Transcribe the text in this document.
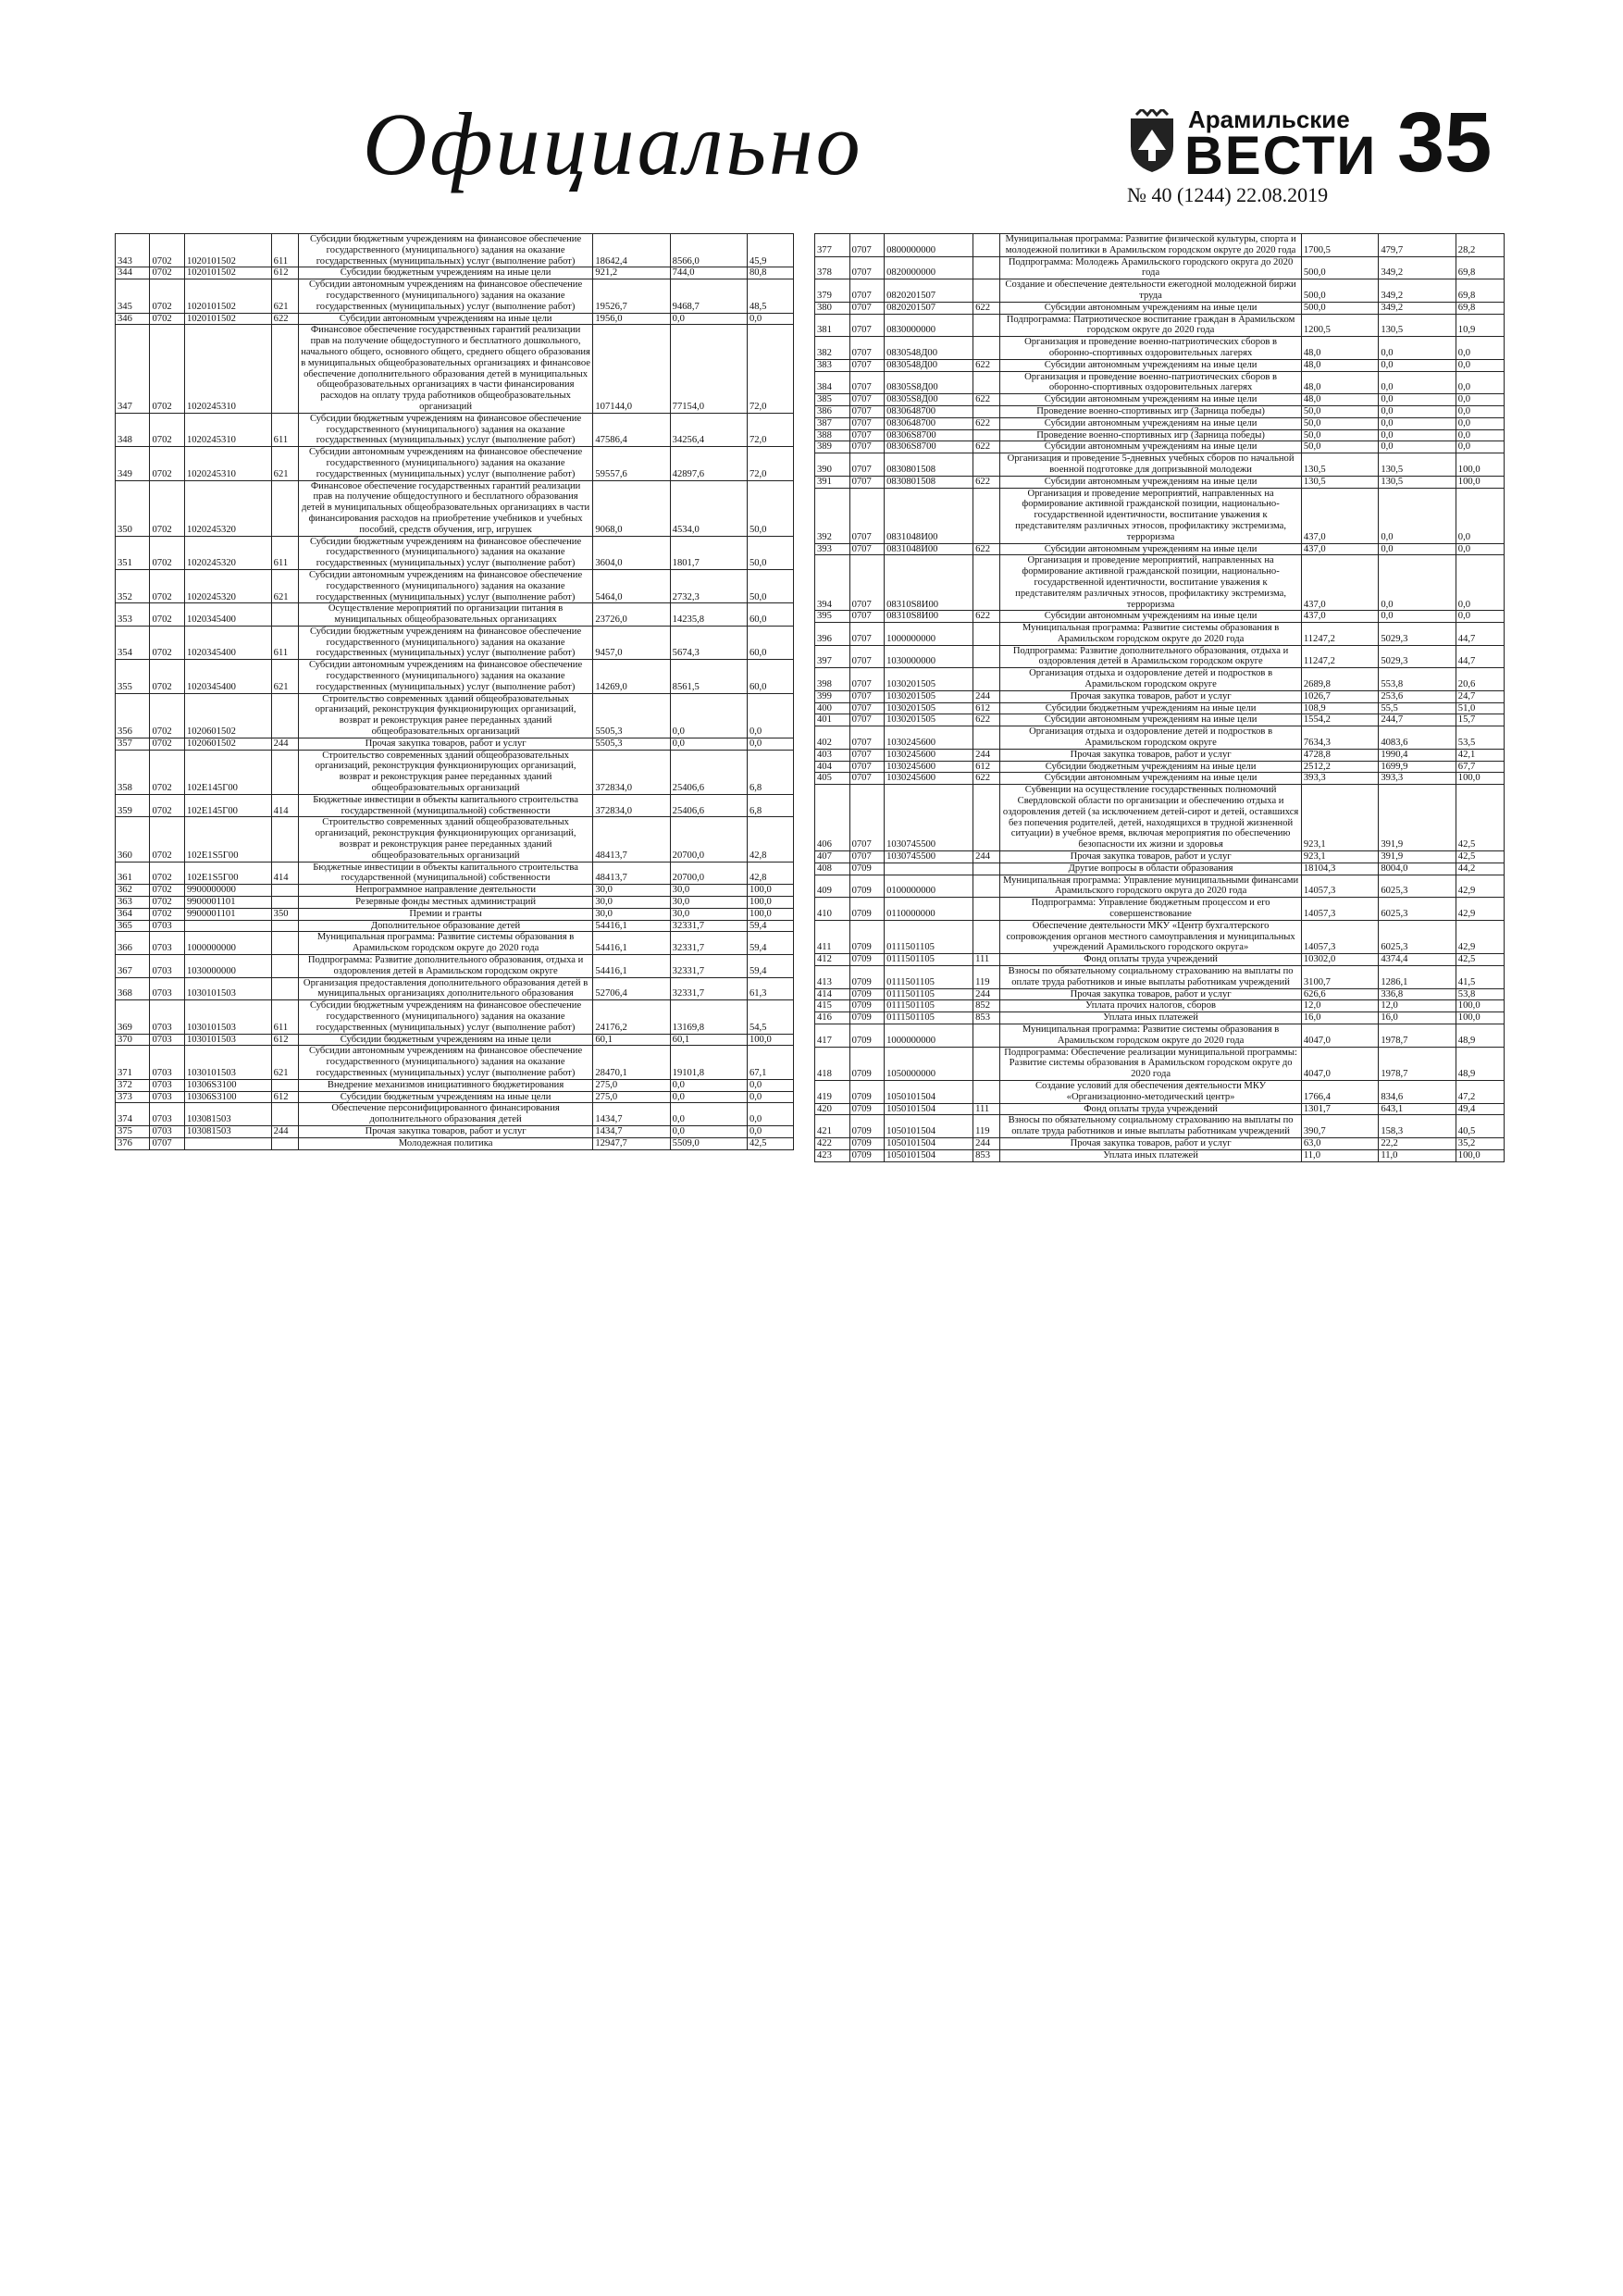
Официально	Арамильские
ВЕСТИ
№ 40 (1244) 22.08.2019
35
343	0702	1020101502	611	Субсидии бюджетным учреждениям на финансовое обеспечение государственного (муниципального) задания на оказание государственных (муниципальных) услуг (выполнение работ)	18642,4	8566,0	45,9
344	0702	1020101502	612	Субсидии бюджетным учреждениям на иные цели	921,2	744,0	80,8
345	0702	1020101502	621	Субсидии автономным учреждениям на финансовое обеспечение государственного (муниципального) задания на оказание государственных (муниципальных) услуг (выполнение работ)	19526,7	9468,7	48,5
346	0702	1020101502	622	Субсидии автономным учреждениям на иные цели	1956,0	0,0	0,0
347	0702	1020245310		Финансовое обеспечение государственных гарантий реализации прав на получение общедоступного и бесплатного дошкольного, начального общего, основного общего, среднего общего образования в муниципальных общеобразовательных организациях и финансовое обеспечение дополнительного образования детей в муниципальных общеобразовательных организациях в части финансирования расходов на оплату труда работников общеобразовательных организаций	107144,0	77154,0	72,0
348	0702	1020245310	611	Субсидии бюджетным учреждениям на финансовое обеспечение государственного (муниципального) задания на оказание государственных (муниципальных) услуг (выполнение работ)	47586,4	34256,4	72,0
349	0702	1020245310	621	Субсидии автономным учреждениям на финансовое обеспечение государственного (муниципального) задания на оказание государственных (муниципальных) услуг (выполнение работ)	59557,6	42897,6	72,0
350	0702	1020245320		Финансовое обеспечение государственных гарантий реализации прав на получение общедоступного и бесплатного образования детей в муниципальных общеобразовательных организациях в части финансирования расходов на приобретение учебников и учебных пособий, средств обучения, игр, игрушек	9068,0	4534,0	50,0
351	0702	1020245320	611	Субсидии бюджетным учреждениям на финансовое обеспечение государственного (муниципального) задания на оказание государственных (муниципальных) услуг (выполнение работ)	3604,0	1801,7	50,0
352	0702	1020245320	621	Субсидии автономным учреждениям на финансовое обеспечение государственного (муниципального) задания на оказание государственных (муниципальных) услуг (выполнение работ)	5464,0	2732,3	50,0
353	0702	1020345400		Осуществление мероприятий по организации питания в муниципальных общеобразовательных организациях	23726,0	14235,8	60,0
354	0702	1020345400	611	Субсидии бюджетным учреждениям на финансовое обеспечение государственного (муниципального) задания на оказание государственных (муниципальных) услуг (выполнение работ)	9457,0	5674,3	60,0
355	0702	1020345400	621	Субсидии автономным учреждениям на финансовое обеспечение государственного (муниципального) задания на оказание государственных (муниципальных) услуг (выполнение работ)	14269,0	8561,5	60,0
356	0702	1020601502		Строительство современных зданий общеобразовательных организаций, реконструкция функционирующих организаций, возврат и реконструкция ранее переданных зданий общеобразовательных организаций	5505,3	0,0	0,0
357	0702	1020601502	244	Прочая закупка товаров, работ и услуг	5505,3	0,0	0,0
358	0702	102E145Г00		Строительство современных зданий общеобразовательных организаций, реконструкция функционирующих организаций, возврат и реконструкция ранее переданных зданий общеобразовательных организаций	372834,0	25406,6	6,8
359	0702	102E145Г00	414	Бюджетные инвестиции в объекты капитального строительства государственной (муниципальной) собственности	372834,0	25406,6	6,8
360	0702	102E1S5Г00		Строительство современных зданий общеобразовательных организаций, реконструкция функционирующих организаций, возврат и реконструкция ранее переданных зданий общеобразовательных организаций	48413,7	20700,0	42,8
361	0702	102E1S5Г00	414	Бюджетные инвестиции в объекты капитального строительства государственной (муниципальной) собственности	48413,7	20700,0	42,8
362	0702	9900000000		Непрограммное направление деятельности	30,0	30,0	100,0
363	0702	9900001101		Резервные фонды местных администраций	30,0	30,0	100,0
364	0702	9900001101	350	Премии и гранты	30,0	30,0	100,0
365	0703			Дополнительное образование детей	54416,1	32331,7	59,4
366	0703	1000000000		Муниципальная программа: Развитие системы образования в Арамильском городском округе до 2020 года	54416,1	32331,7	59,4
367	0703	1030000000		Подпрограмма: Развитие дополнительного образования, отдыха и оздоровления детей в Арамильском городском округе	54416,1	32331,7	59,4
368	0703	1030101503		Организация предоставления дополнительного образования детей в муниципальных организациях дополнительного образования	52706,4	32331,7	61,3
369	0703	1030101503	611	Субсидии бюджетным учреждениям на финансовое обеспечение государственного (муниципального) задания на оказание государственных (муниципальных) услуг (выполнение работ)	24176,2	13169,8	54,5
370	0703	1030101503	612	Субсидии бюджетным учреждениям на иные цели	60,1	60,1	100,0
371	0703	1030101503	621	Субсидии автономным учреждениям на финансовое обеспечение государственного (муниципального) задания на оказание государственных (муниципальных) услуг (выполнение работ)	28470,1	19101,8	67,1
372	0703	10306S3100		Внедрение механизмов инициативного бюджетирования	275,0	0,0	0,0
373	0703	10306S3100	612	Субсидии бюджетным учреждениям на иные цели	275,0	0,0	0,0
374	0703	103081503		Обеспечение персонифицированного финансирования дополнительного образования детей	1434,7	0,0	0,0
375	0703	103081503	244	Прочая закупка товаров, работ и услуг	1434,7	0,0	0,0
376	0707			Молодежная политика	12947,7	5509,0	42,5
377	0707	0800000000		Муниципальная программа: Развитие физической культуры, спорта и молодежной политики в Арамильском городском округе до 2020 года	1700,5	479,7	28,2
378	0707	0820000000		Подпрограмма: Молодежь Арамильского городского округа до 2020 года	500,0	349,2	69,8
379	0707	0820201507		Создание и обеспечение деятельности ежегодной молодежной биржи труда	500,0	349,2	69,8
380	0707	0820201507	622	Субсидии автономным учреждениям на иные цели	500,0	349,2	69,8
381	0707	0830000000		Подпрограмма: Патриотическое воспитание граждан в Арамильском городском округе до 2020 года	1200,5	130,5	10,9
382	0707	0830548Д00		Организация и проведение военно-патриотических сборов в оборонно-спортивных оздоровительных лагерях	48,0	0,0	0,0
383	0707	0830548Д00	622	Субсидии автономным учреждениям на иные цели	48,0	0,0	0,0
384	0707	08305S8Д00		Организация и проведение военно-патриотических сборов в оборонно-спортивных оздоровительных лагерях	48,0	0,0	0,0
385	0707	08305S8Д00	622	Субсидии автономным учреждениям на иные цели	48,0	0,0	0,0
386	0707	0830648700		Проведение военно-спортивных игр (Зарница победы)	50,0	0,0	0,0
387	0707	0830648700	622	Субсидии автономным учреждениям на иные цели	50,0	0,0	0,0
388	0707	08306S8700		Проведение военно-спортивных игр (Зарница победы)	50,0	0,0	0,0
389	0707	08306S8700	622	Субсидии автономным учреждениям на иные цели	50,0	0,0	0,0
390	0707	0830801508		Организация и проведение 5-дневных учебных сборов по начальной военной подготовке для допризывной молодежи	130,5	130,5	100,0
391	0707	0830801508	622	Субсидии автономным учреждениям на иные цели	130,5	130,5	100,0
392	0707	0831048И00		Организация и проведение мероприятий, направленных на формирование активной гражданской позиции, национально-государственной идентичности, воспитание уважения к представителям различных этносов, профилактику экстремизма, терроризма	437,0	0,0	0,0
393	0707	0831048И00	622	Субсидии автономным учреждениям на иные цели	437,0	0,0	0,0
394	0707	08310S8И00		Организация и проведение мероприятий, направленных на формирование активной гражданской позиции, национально-государственной идентичности, воспитание уважения к представителям различных этносов, профилактику экстремизма, терроризма	437,0	0,0	0,0
395	0707	08310S8И00	622	Субсидии автономным учреждениям на иные цели	437,0	0,0	0,0
396	0707	1000000000		Муниципальная программа: Развитие системы образования в Арамильском городском округе до 2020 года	11247,2	5029,3	44,7
397	0707	1030000000		Подпрограмма: Развитие дополнительного образования, отдыха и оздоровления детей в Арамильском городском округе	11247,2	5029,3	44,7
398	0707	1030201505		Организация отдыха и оздоровление детей и подростков в Арамильском городском округе	2689,8	553,8	20,6
399	0707	1030201505	244	Прочая закупка товаров, работ и услуг	1026,7	253,6	24,7
400	0707	1030201505	612	Субсидии бюджетным учреждениям на иные цели	108,9	55,5	51,0
401	0707	1030201505	622	Субсидии автономным учреждениям на иные цели	1554,2	244,7	15,7
402	0707	1030245600		Организация отдыха и оздоровление детей и подростков в Арамильском городском округе	7634,3	4083,6	53,5
403	0707	1030245600	244	Прочая закупка товаров, работ и услуг	4728,8	1990,4	42,1
404	0707	1030245600	612	Субсидии бюджетным учреждениям на иные цели	2512,2	1699,9	67,7
405	0707	1030245600	622	Субсидии автономным учреждениям на иные цели	393,3	393,3	100,0
406	0707	1030745500		Субвенции на осуществление государственных полномочий Свердловской области по организации и обеспечению отдыха и оздоровления детей (за исключением детей-сирот и детей, оставшихся без попечения родителей, детей, находящихся в трудной жизненной ситуации) в учебное время, включая мероприятия по обеспечению безопасности их жизни и здоровья	923,1	391,9	42,5
407	0707	1030745500	244	Прочая закупка товаров, работ и услуг	923,1	391,9	42,5
408	0709			Другие вопросы в области образования	18104,3	8004,0	44,2
409	0709	0100000000		Муниципальная программа: Управление муниципальными финансами Арамильского городского округа до 2020 года	14057,3	6025,3	42,9
410	0709	0110000000		Подпрограмма: Управление бюджетным процессом и его совершенствование	14057,3	6025,3	42,9
411	0709	0111501105		Обеспечение деятельности МКУ «Центр бухгалтерского сопровождения органов местного самоуправления и муниципальных учреждений Арамильского городского округа»	14057,3	6025,3	42,9
412	0709	0111501105	111	Фонд оплаты труда учреждений	10302,0	4374,4	42,5
413	0709	0111501105	119	Взносы по обязательному социальному страхованию на выплаты по оплате труда работников и иные выплаты работникам учреждений	3100,7	1286,1	41,5
414	0709	0111501105	244	Прочая закупка товаров, работ и услуг	626,6	336,8	53,8
415	0709	0111501105	852	Уплата прочих налогов, сборов	12,0	12,0	100,0
416	0709	0111501105	853	Уплата иных платежей	16,0	16,0	100,0
417	0709	1000000000		Муниципальная программа: Развитие системы образования в Арамильском городском округе до 2020 года	4047,0	1978,7	48,9
418	0709	1050000000		Подпрограмма: Обеспечение реализации муниципальной программы: Развитие системы образования в Арамильском городском округе до 2020 года	4047,0	1978,7	48,9
419	0709	1050101504		Создание условий для обеспечения деятельности МКУ «Организационно-методический центр»	1766,4	834,6	47,2
420	0709	1050101504	111	Фонд оплаты труда учреждений	1301,7	643,1	49,4
421	0709	1050101504	119	Взносы по обязательному социальному страхованию на выплаты по оплате труда работников и иные выплаты работникам учреждений	390,7	158,3	40,5
422	0709	1050101504	244	Прочая закупка товаров, работ и услуг	63,0	22,2	35,2
423	0709	1050101504	853	Уплата иных платежей	11,0	11,0	100,0
